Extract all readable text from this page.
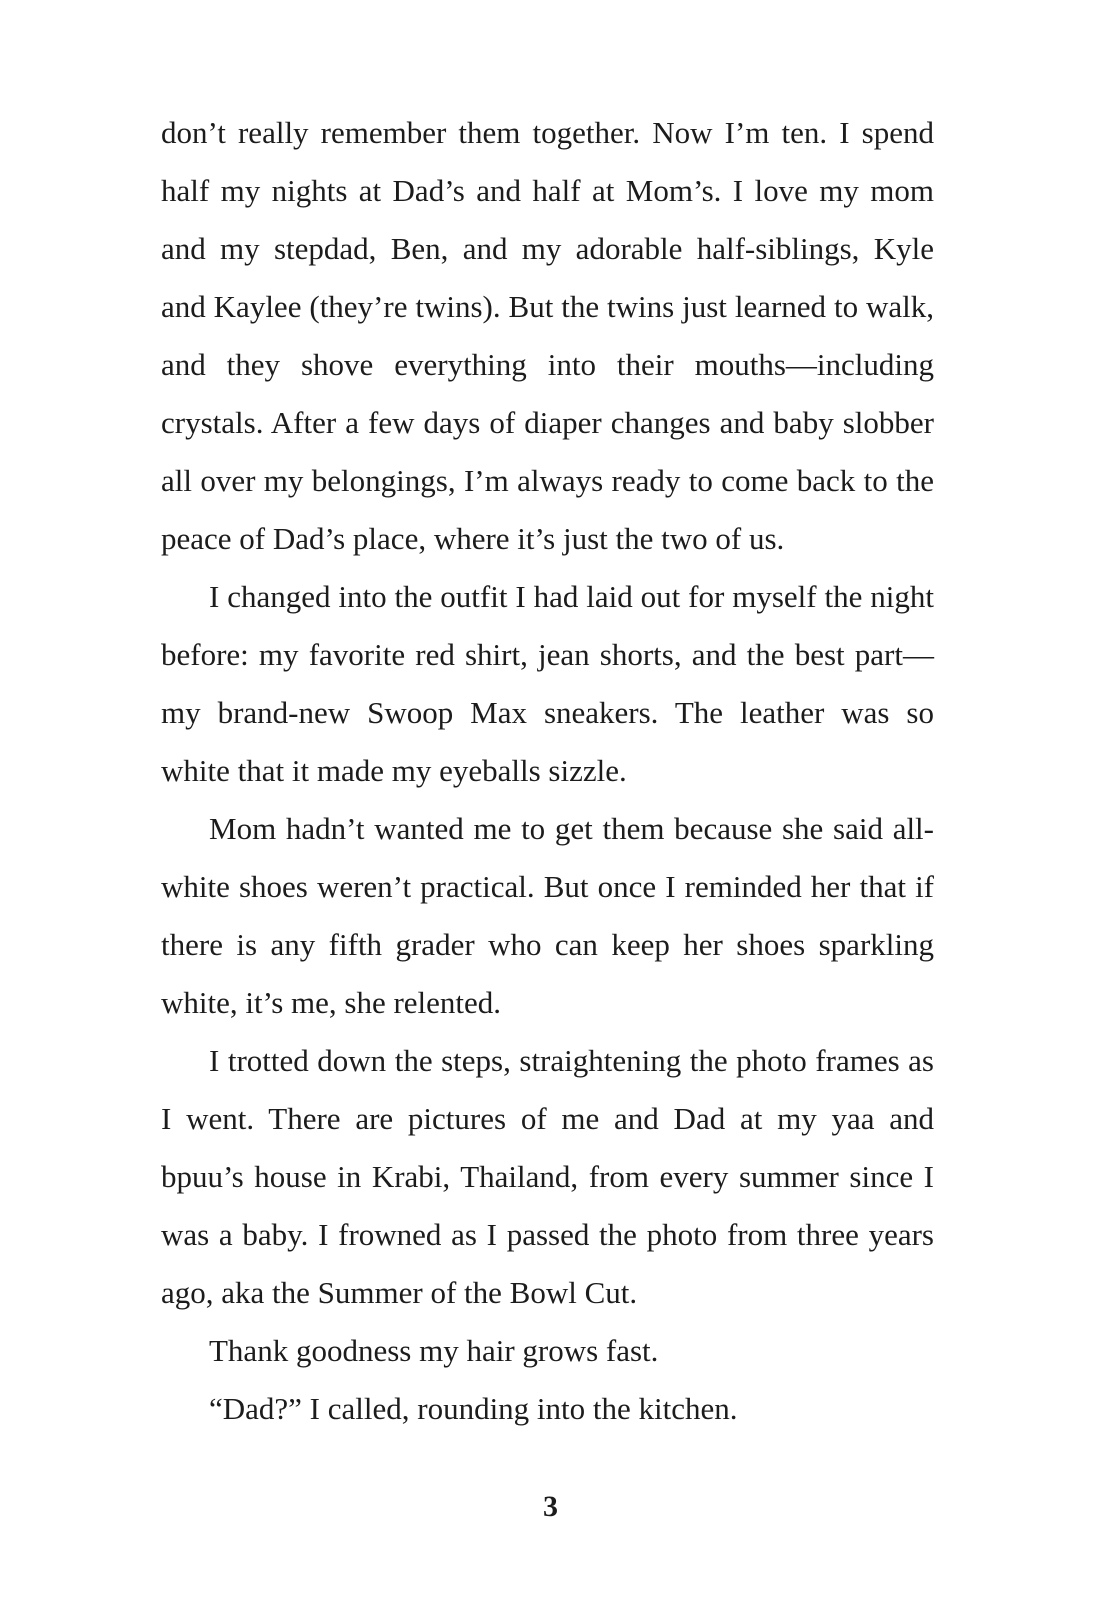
don’t really remember them together. Now I’m ten. I spend half my nights at Dad’s and half at Mom’s. I love my mom and my stepdad, Ben, and my adorable half-siblings, Kyle and Kaylee (they’re twins). But the twins just learned to walk, and they shove everything into their mouths—including crystals. After a few days of diaper changes and baby slobber all over my belongings, I’m always ready to come back to the peace of Dad’s place, where it’s just the two of us.

I changed into the outfit I had laid out for myself the night before: my favorite red shirt, jean shorts, and the best part—my brand-new Swoop Max sneakers. The leather was so white that it made my eyeballs sizzle.

Mom hadn’t wanted me to get them because she said all-white shoes weren’t practical. But once I reminded her that if there is any fifth grader who can keep her shoes sparkling white, it’s me, she relented.

I trotted down the steps, straightening the photo frames as I went. There are pictures of me and Dad at my yaa and bpuu’s house in Krabi, Thailand, from every summer since I was a baby. I frowned as I passed the photo from three years ago, aka the Summer of the Bowl Cut.

Thank goodness my hair grows fast.

“Dad?” I called, rounding into the kitchen.

3
